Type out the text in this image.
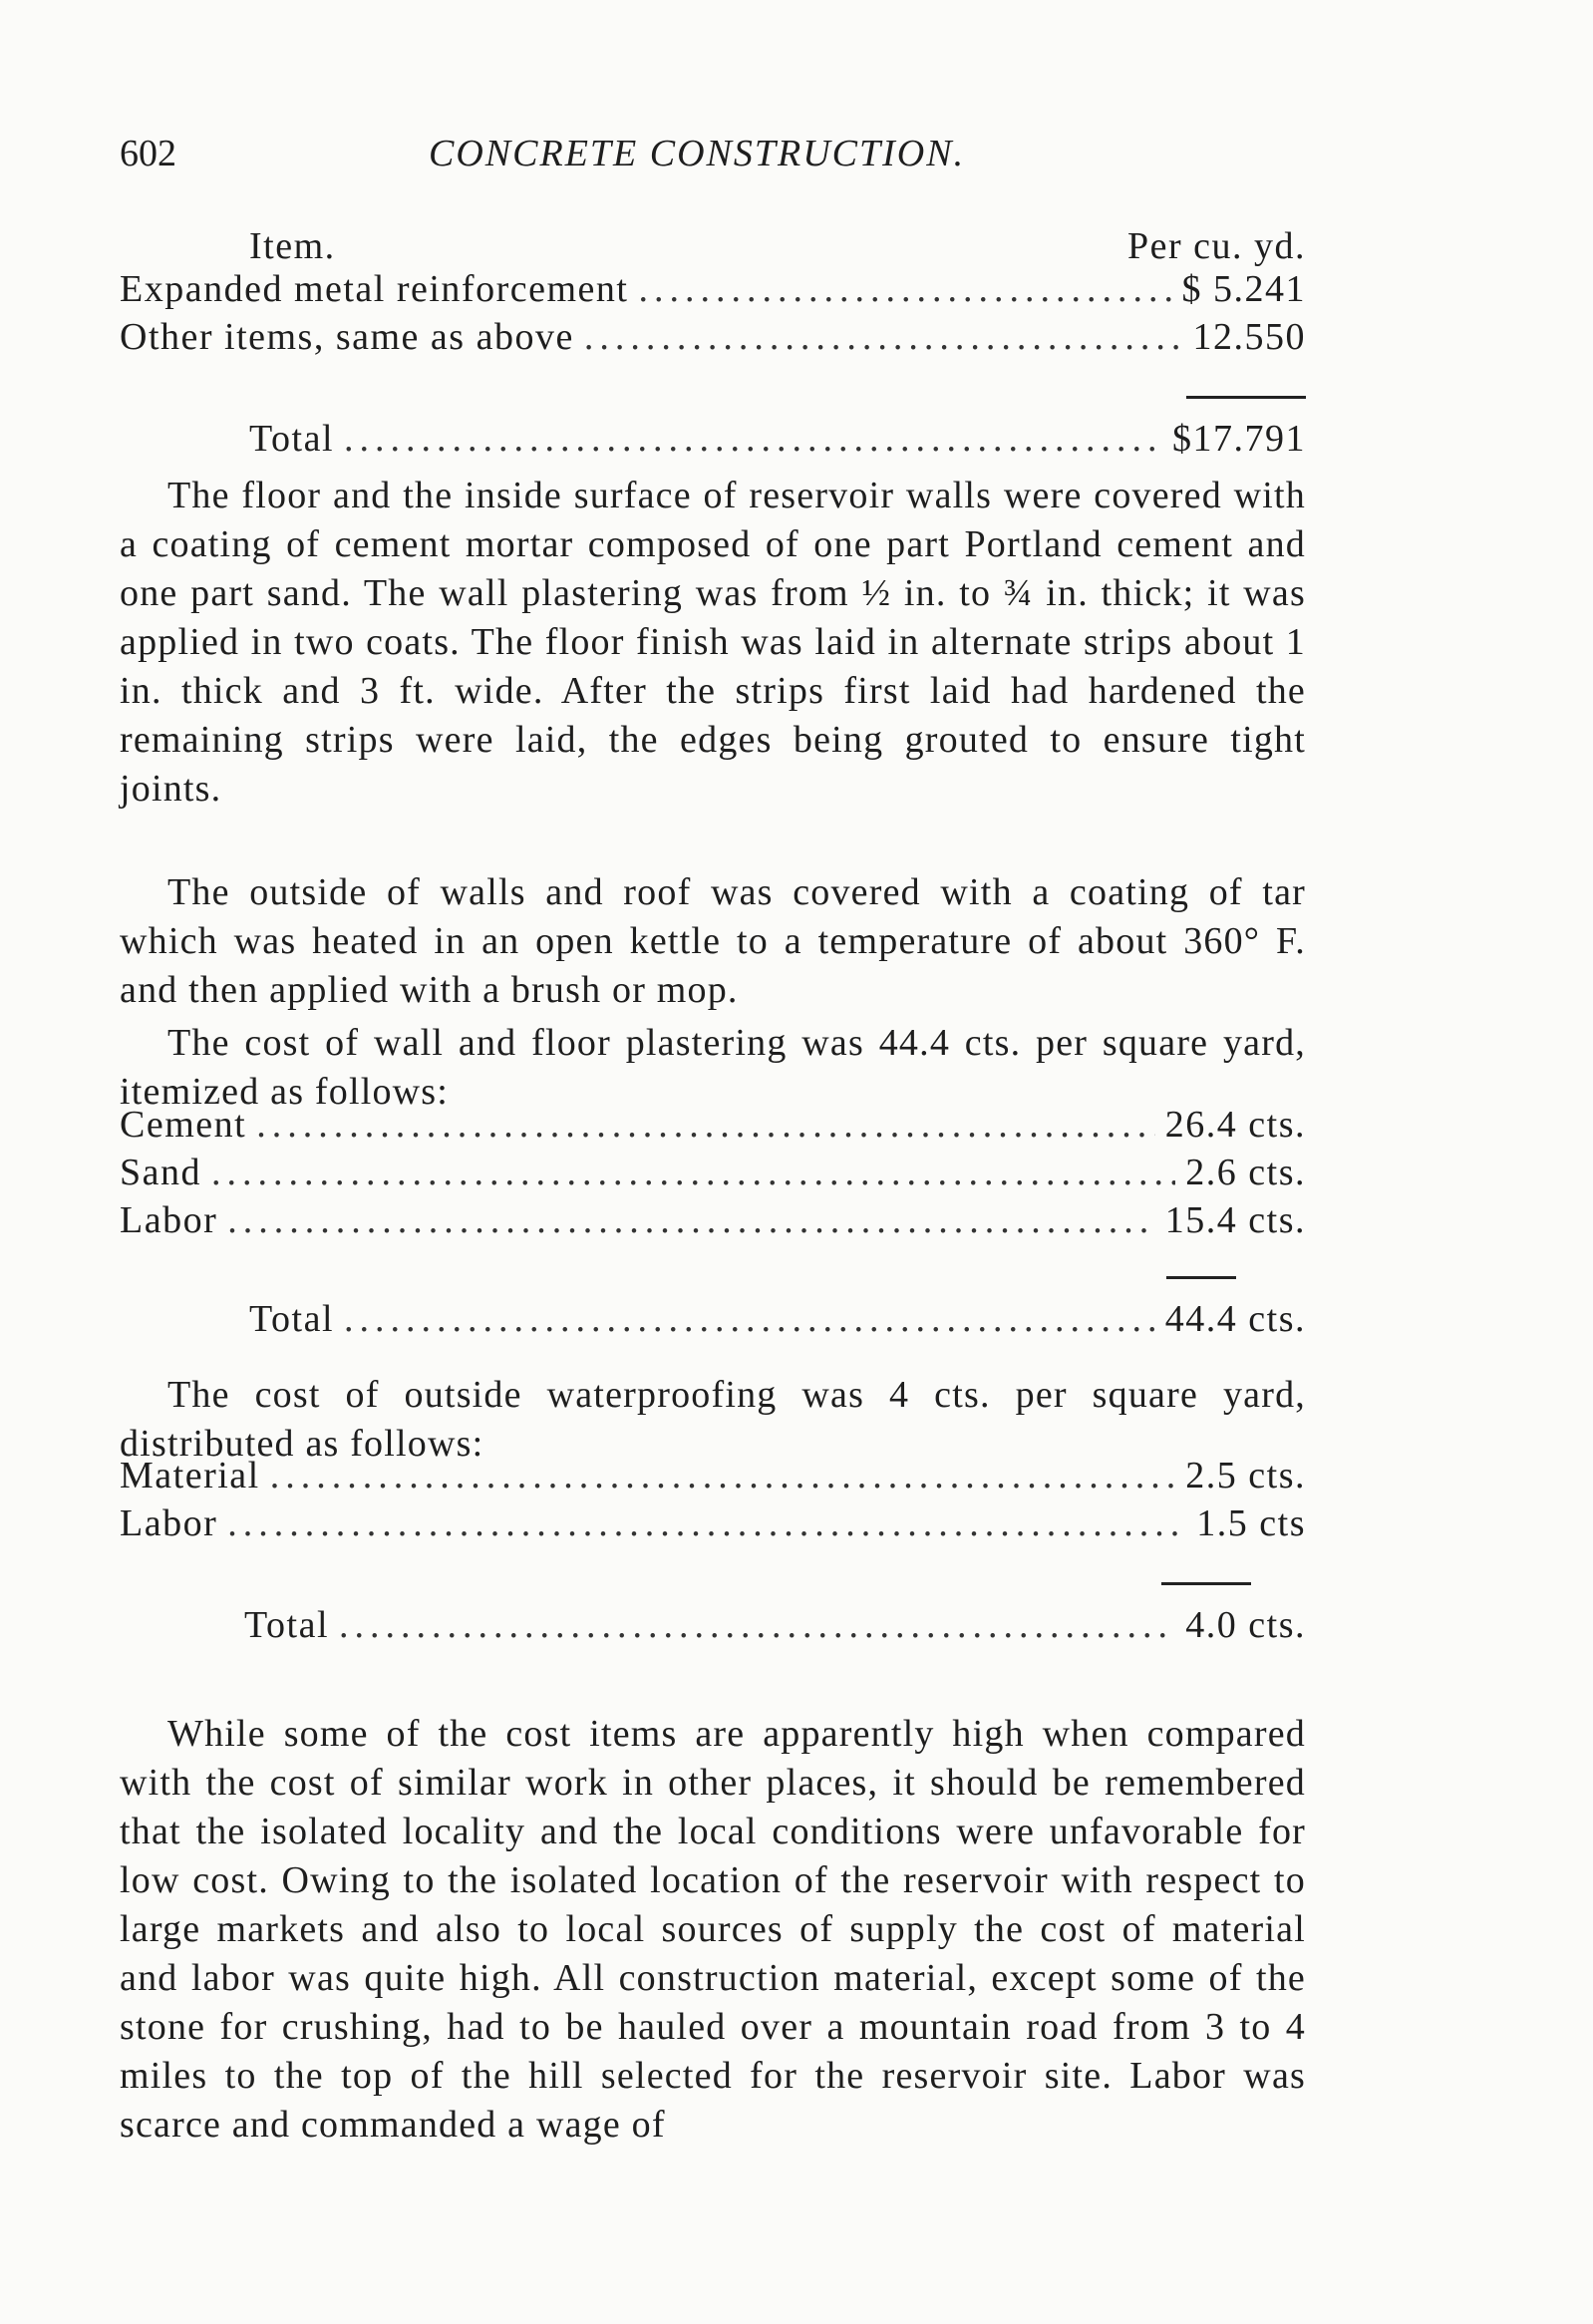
602	CONCRETE CONSTRUCTION.
Item.	Per cu. yd.
Expanded metal reinforcement .....	$ 5.241
Other items, same as above .....	12.550
Total .....	$17.791

The floor and the inside surface of reservoir walls were covered with a coating of cement mortar composed of one part Portland cement and one part sand. The wall plastering was from ½ in. to ¾ in. thick; it was applied in two coats. The floor finish was laid in alternate strips about 1 in. thick and 3 ft. wide. After the strips first laid had hardened the remaining strips were laid, the edges being grouted to ensure tight joints.

The outside of walls and roof was covered with a coating of tar which was heated in an open kettle to a temperature of about 360° F. and then applied with a brush or mop.

The cost of wall and floor plastering was 44.4 cts. per square yard, itemized as follows:

Cement .....	26.4 cts.
Sand .....	2.6 cts.
Labor .....	15.4 cts.
Total .....	44.4 cts.

The cost of outside waterproofing was 4 cts. per square yard, distributed as follows:

Material .....	2.5 cts.
Labor .....	1.5 cts
Total .....	4.0 cts.

While some of the cost items are apparently high when compared with the cost of similar work in other places, it should be remembered that the isolated locality and the local conditions were unfavorable for low cost. Owing to the isolated location of the reservoir with respect to large markets and also to local sources of supply the cost of material and labor was quite high. All construction material, except some of the stone for crushing, had to be hauled over a mountain road from 3 to 4 miles to the top of the hill selected for the reservoir site. Labor was scarce and commanded a wage of
